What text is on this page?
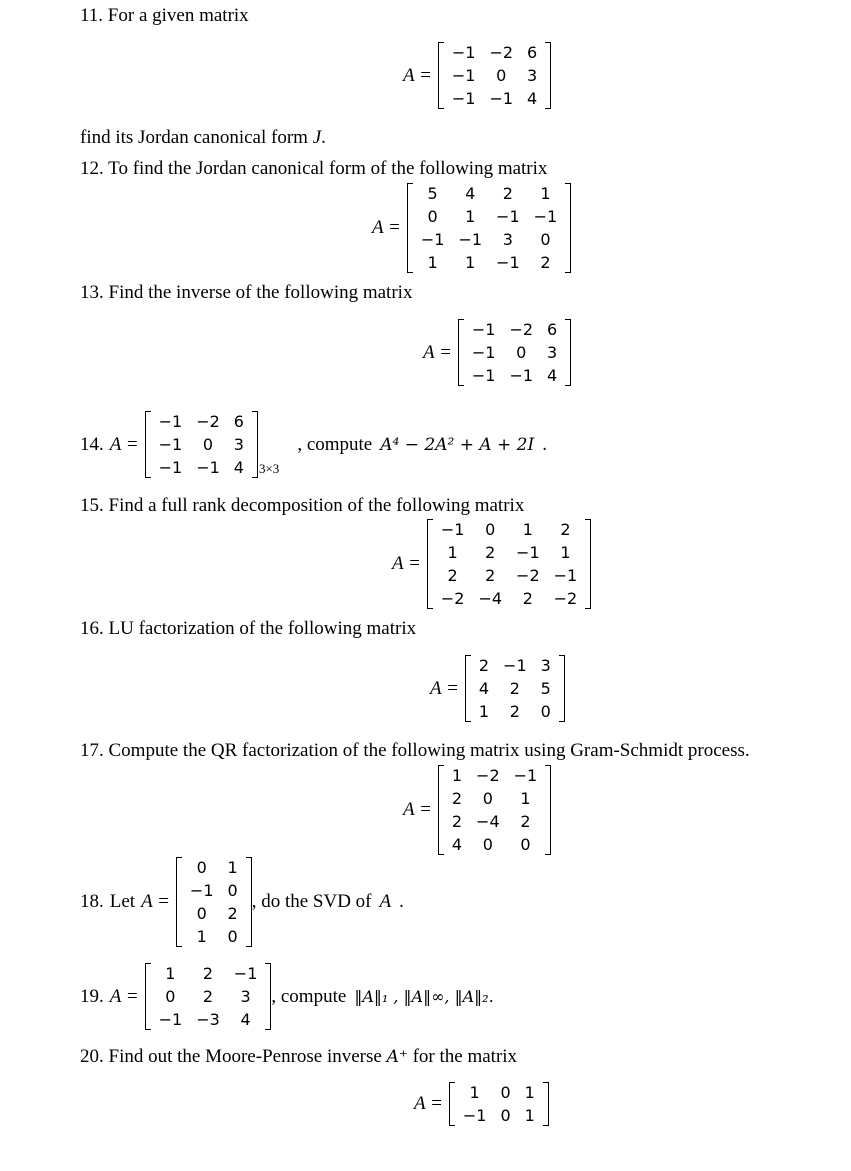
11. For a given matrix
A =
−1	−2	6
−1	0	3
−1	−1	4
find its Jordan canonical form J.
12. To find the Jordan canonical form of the following matrix
A =
5	4	2	1
0	1	−1	−1
−1	−1	3	0
1	1	−1	2
13. Find the inverse of the following matrix
A =
−1	−2	6
−1	0	3
−1	−1	4
14. A =
−1	−2	6
−1	0	3
−1	−1	4 3×3
, compute A⁴ − 2A² + A + 2I .
15. Find a full rank decomposition of the following matrix
A =
−1	0	1	2
1	2	−1	1
2	2	−2	−1
−2	−4	2	−2
16. LU factorization of the following matrix
A =
2	−1	3
4	2	5
1	2	0
17. Compute the QR factorization of the following matrix using Gram-Schmidt process.
A =
1	−2	−1
2	0	1
2	−4	2
4	0	0
18. Let A =
0	1
−1	0
0	2
1	0
, do the SVD of A .
19. A =
1	2	−1
0	2	3
−1	−3	4
, compute ‖A‖₁ , ‖A‖∞, ‖A‖₂.
20. Find out the Moore-Penrose inverse A⁺ for the matrix
A =
1	0	1
−1	0	1
